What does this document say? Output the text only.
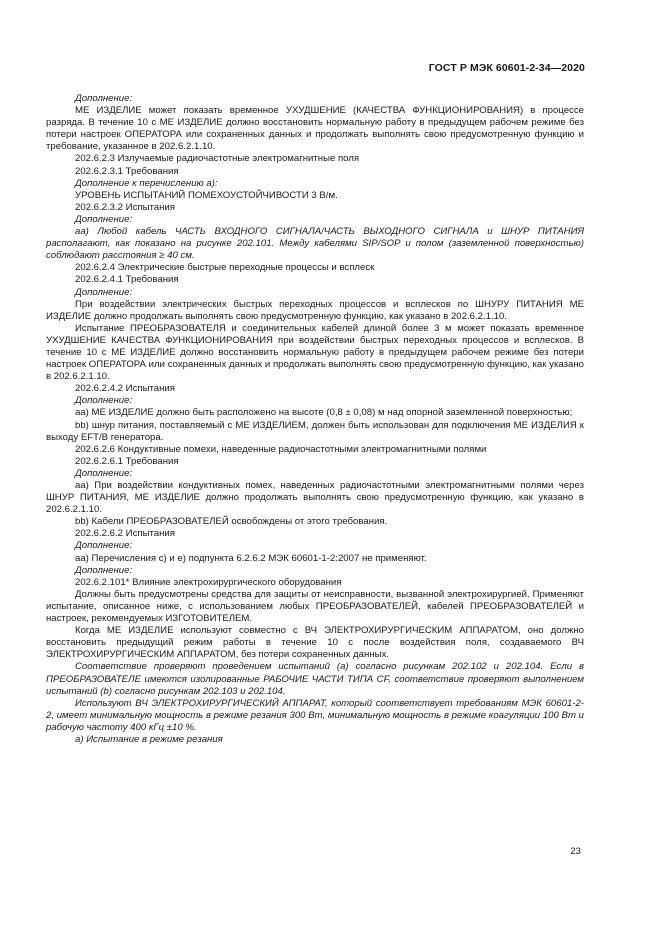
ГОСТ Р МЭК 60601-2-34—2020

Дополнение:

МЕ ИЗДЕЛИЕ может показать временное УХУДШЕНИЕ (КАЧЕСТВА ФУНКЦИОНИРОВАНИЯ) в процессе разряда. В течение 10 с МЕ ИЗДЕЛИЕ должно восстановить нормальную работу в предыдущем рабочем режиме без потери настроек ОПЕРАТОРА или сохраненных данных и продолжать выполнять свою предусмотренную функцию и требование, указанное в 202.6.2.1.10.

202.6.2.3 Излучаемые радиочастотные электромагнитные поля

202.6.2.3.1 Требования

Дополнение к перечислению a):

УРОВЕНЬ ИСПЫТАНИЙ ПОМЕХОУСТОЙЧИВОСТИ 3 В/м.

202.6.2.3.2 Испытания

Дополнение:

aa) Любой кабель ЧАСТЬ ВХОДНОГО СИГНАЛА/ЧАСТЬ ВЫХОДНОГО СИГНАЛА и ШНУР ПИТАНИЯ располагают, как показано на рисунке 202.101. Между кабелями SIP/SOP и полом (заземленной поверхностью) соблюдают расстояния ≥ 40 см.

202.6.2.4 Электрические быстрые переходные процессы и всплеск

202.6.2.4.1 Требования

Дополнение:

При воздействии электрических быстрых переходных процессов и всплесков по ШНУРУ ПИТАНИЯ МЕ ИЗДЕЛИЕ должно продолжать выполнять свою предусмотренную функцию, как указано в 202.6.2.1.10.

Испытание ПРЕОБРАЗОВАТЕЛЯ и соединительных кабелей длиной более 3 м может показать временное УХУДШЕНИЕ КАЧЕСТВА ФУНКЦИОНИРОВАНИЯ при воздействии быстрых переходных процессов и всплесков. В течение 10 с МЕ ИЗДЕЛИЕ должно восстановить нормальную работу в предыдущем рабочем режиме без потери настроек ОПЕРАТОРА или сохраненных данных и продолжать выполнять свою предусмотренную функцию, как указано в 202.6.2.1.10.

202.6.2.4.2 Испытания

Дополнение:

aa) МЕ ИЗДЕЛИЕ должно быть расположено на высоте (0,8 ± 0,08) м над опорной заземленной поверхностью;

bb) шнур питания, поставляемый с МЕ ИЗДЕЛИЕМ, должен быть использован для подключения МЕ ИЗДЕЛИЯ к выходу EFT/B генератора.

202.6.2.6 Кондуктивные помехи, наведенные радиочастотными электромагнитными полями

202.6.2.6.1 Требования

Дополнение:

aa) При воздействии кондуктивных помех, наведенных радиочастотными электромагнитными полями через ШНУР ПИТАНИЯ, МЕ ИЗДЕЛИЕ должно продолжать выполнять свою предусмотренную функцию, как указано в 202.6.2.1.10.

bb) Кабели ПРЕОБРАЗОВАТЕЛЕЙ освобождены от этого требования.

202.6.2.6.2 Испытания

Дополнение:

aa) Перечисления c) и e) подпункта 6.2.6.2 МЭК 60601-1-2:2007 не применяют.

Дополнение:

202.6.2.101* Влияние электрохирургического оборудования

Должны быть предусмотрены средства для защиты от неисправности, вызванной электрохирургией. Применяют испытание, описанное ниже, с использованием любых ПРЕОБРАЗОВАТЕЛЕЙ, кабелей ПРЕОБРАЗОВАТЕЛЕЙ и настроек, рекомендуемых ИЗГОТОВИТЕЛЕМ.

Когда МЕ ИЗДЕЛИЕ используют совместно с ВЧ ЭЛЕКТРОХИРУРГИЧЕСКИМ АППАРАТОМ, оно должно восстановить предыдущий режим работы в течение 10 с после воздействия поля, создаваемого ВЧ ЭЛЕКТРОХИРУРГИЧЕСКИМ АППАРАТОМ, без потери сохраненных данных.

Соответствие проверяют проведением испытаний (a) согласно рисункам 202.102 и 202.104. Если в ПРЕОБРАЗОВАТЕЛЕ имеются изолированные РАБОЧИЕ ЧАСТИ ТИПА CF, соответствие проверяют выполнением испытаний (b) согласно рисункам 202.103 и 202.104.

Используют ВЧ ЭЛЕКТРОХИРУРГИЧЕСКИЙ АППАРАТ, который соответствует требованиям МЭК 60601-2-2, имеет минимальную мощность в режиме резания 300 Вт, минимальную мощность в режиме коагуляции 100 Вт и рабочую частоту 400 кГц ±10 %.

a) Испытание в режиме резания

23
